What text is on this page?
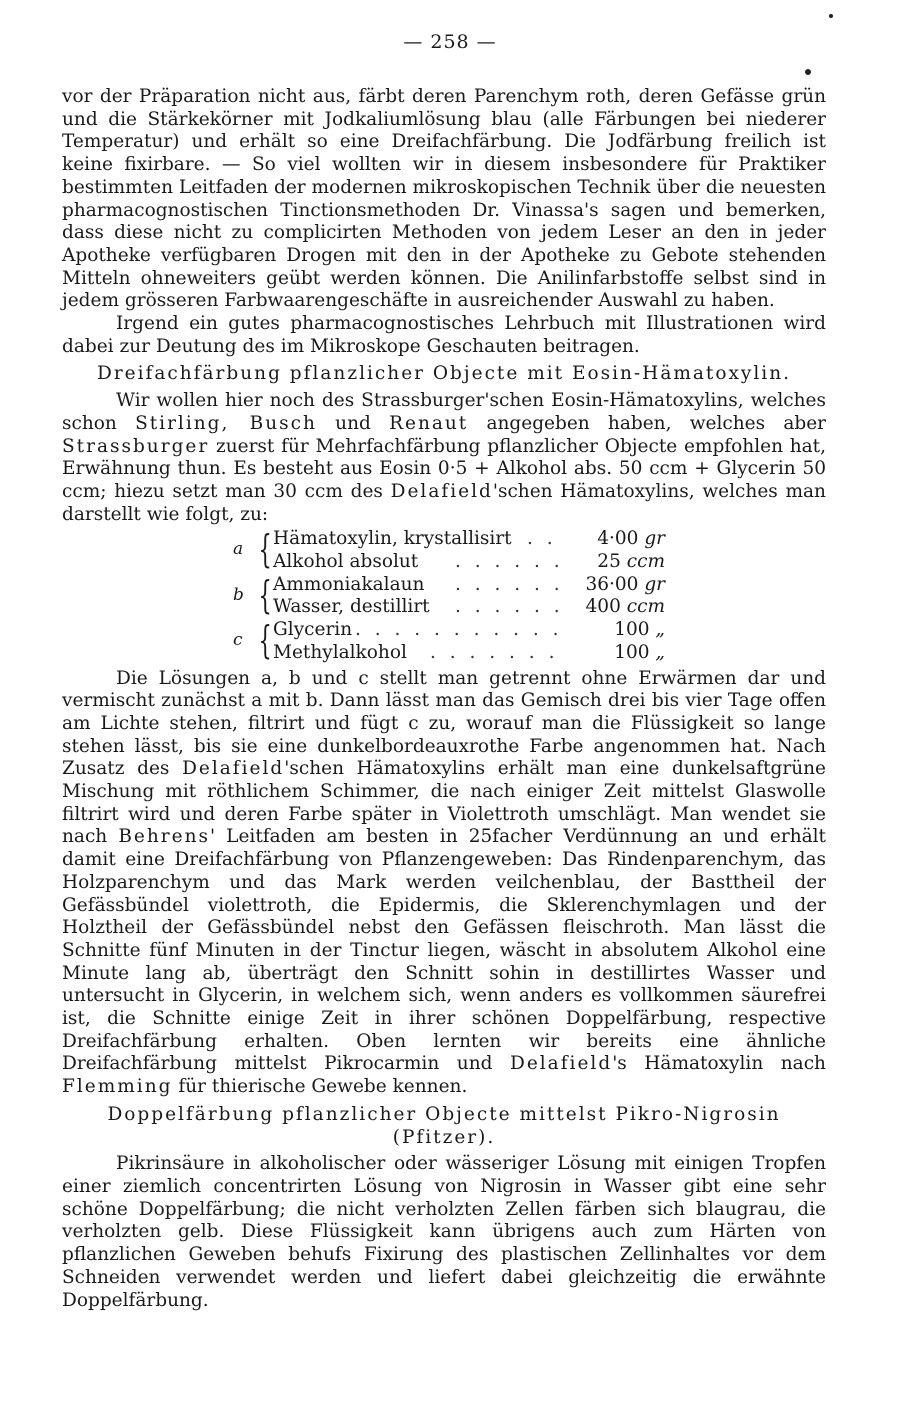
— 258 —

vor der Präparation nicht aus, färbt deren Parenchym roth, deren Gefässe grün und die Stärkekörner mit Jodkaliumlösung blau (alle Färbungen bei niederer Temperatur) und erhält so eine Dreifachfärbung. Die Jodfärbung freilich ist keine fixirbare. — So viel wollten wir in diesem insbesondere für Praktiker bestimmten Leitfaden der modernen mikroskopischen Technik über die neuesten pharmacognostischen Tinctionsmethoden Dr. Vinassa's sagen und bemerken, dass diese nicht zu complicirten Methoden von jedem Leser an den in jeder Apotheke verfügbaren Drogen mit den in der Apotheke zu Gebote stehenden Mitteln ohneweiters geübt werden können. Die Anilinfarbstoffe selbst sind in jedem grösseren Farbwaarengeschäfte in ausreichender Auswahl zu haben.

Irgend ein gutes pharmacognostisches Lehrbuch mit Illustrationen wird dabei zur Deutung des im Mikroskope Geschauten beitragen.

Dreifachfärbung pflanzlicher Objecte mit Eosin-Hämatoxylin.

Wir wollen hier noch des Strassburger'schen Eosin-Hämatoxylins, welches schon Stirling, Busch und Renaut angegeben haben, welches aber Strassburger zuerst für Mehrfachfärbung pflanzlicher Objecte empfohlen hat, Erwähnung thun. Es besteht aus Eosin 0·5 + Alkohol abs. 50 ccm + Glycerin 50 ccm; hiezu setzt man 30 ccm des Delafield'schen Hämatoxylins, welches man darstellt wie folgt, zu:

a { Hämatoxylin, krystallisirt . . 4·00 gr
Alkohol absolut . . . . . . 25 ccm
b { Ammoniakalaun . . . . . . 36·00 gr
Wasser, destillirt . . . . . . 400 ccm
c { Glycerin . . . . . . . . . . .	100 „
Methylalkohol . . . . . . .	100 „

Die Lösungen a, b und c stellt man getrennt ohne Erwärmen dar und vermischt zunächst a mit b. Dann lässt man das Gemisch drei bis vier Tage offen am Lichte stehen, filtrirt und fügt c zu, worauf man die Flüssigkeit so lange stehen lässt, bis sie eine dunkelbordeauxrothe Farbe angenommen hat. Nach Zusatz des Delafield'schen Hämatoxylins erhält man eine dunkelsaftgrüne Mischung mit röthlichem Schimmer, die nach einiger Zeit mittelst Glaswolle filtrirt wird und deren Farbe später in Violettroth umschlägt. Man wendet sie nach Behrens' Leitfaden am besten in 25facher Verdünnung an und erhält damit eine Dreifachfärbung von Pflanzengeweben: Das Rindenparenchym, das Holzparenchym und das Mark werden veilchenblau, der Basttheil der Gefässbündel violettroth, die Epidermis, die Sklerenchymlagen und der Holztheil der Gefässbündel nebst den Gefässen fleischroth. Man lässt die Schnitte fünf Minuten in der Tinctur liegen, wäscht in absolutem Alkohol eine Minute lang ab, überträgt den Schnitt sohin in destillirtes Wasser und untersucht in Glycerin, in welchem sich, wenn anders es vollkommen säurefrei ist, die Schnitte einige Zeit in ihrer schönen Doppelfärbung, respective Dreifachfärbung erhalten. Oben lernten wir bereits eine ähnliche Dreifachfärbung mittelst Pikrocarmin und Delafield's Hämatoxylin nach Flemming für thierische Gewebe kennen.

Doppelfärbung pflanzlicher Objecte mittelst Pikro-Nigrosin (Pfitzer).

Pikrinsäure in alkoholischer oder wässeriger Lösung mit einigen Tropfen einer ziemlich concentrirten Lösung von Nigrosin in Wasser gibt eine sehr schöne Doppelfärbung; die nicht verholzten Zellen färben sich blaugrau, die verholzten gelb. Diese Flüssigkeit kann übrigens auch zum Härten von pflanzlichen Geweben behufs Fixirung des plastischen Zellinhaltes vor dem Schneiden verwendet werden und liefert dabei gleichzeitig die erwähnte Doppelfärbung.
